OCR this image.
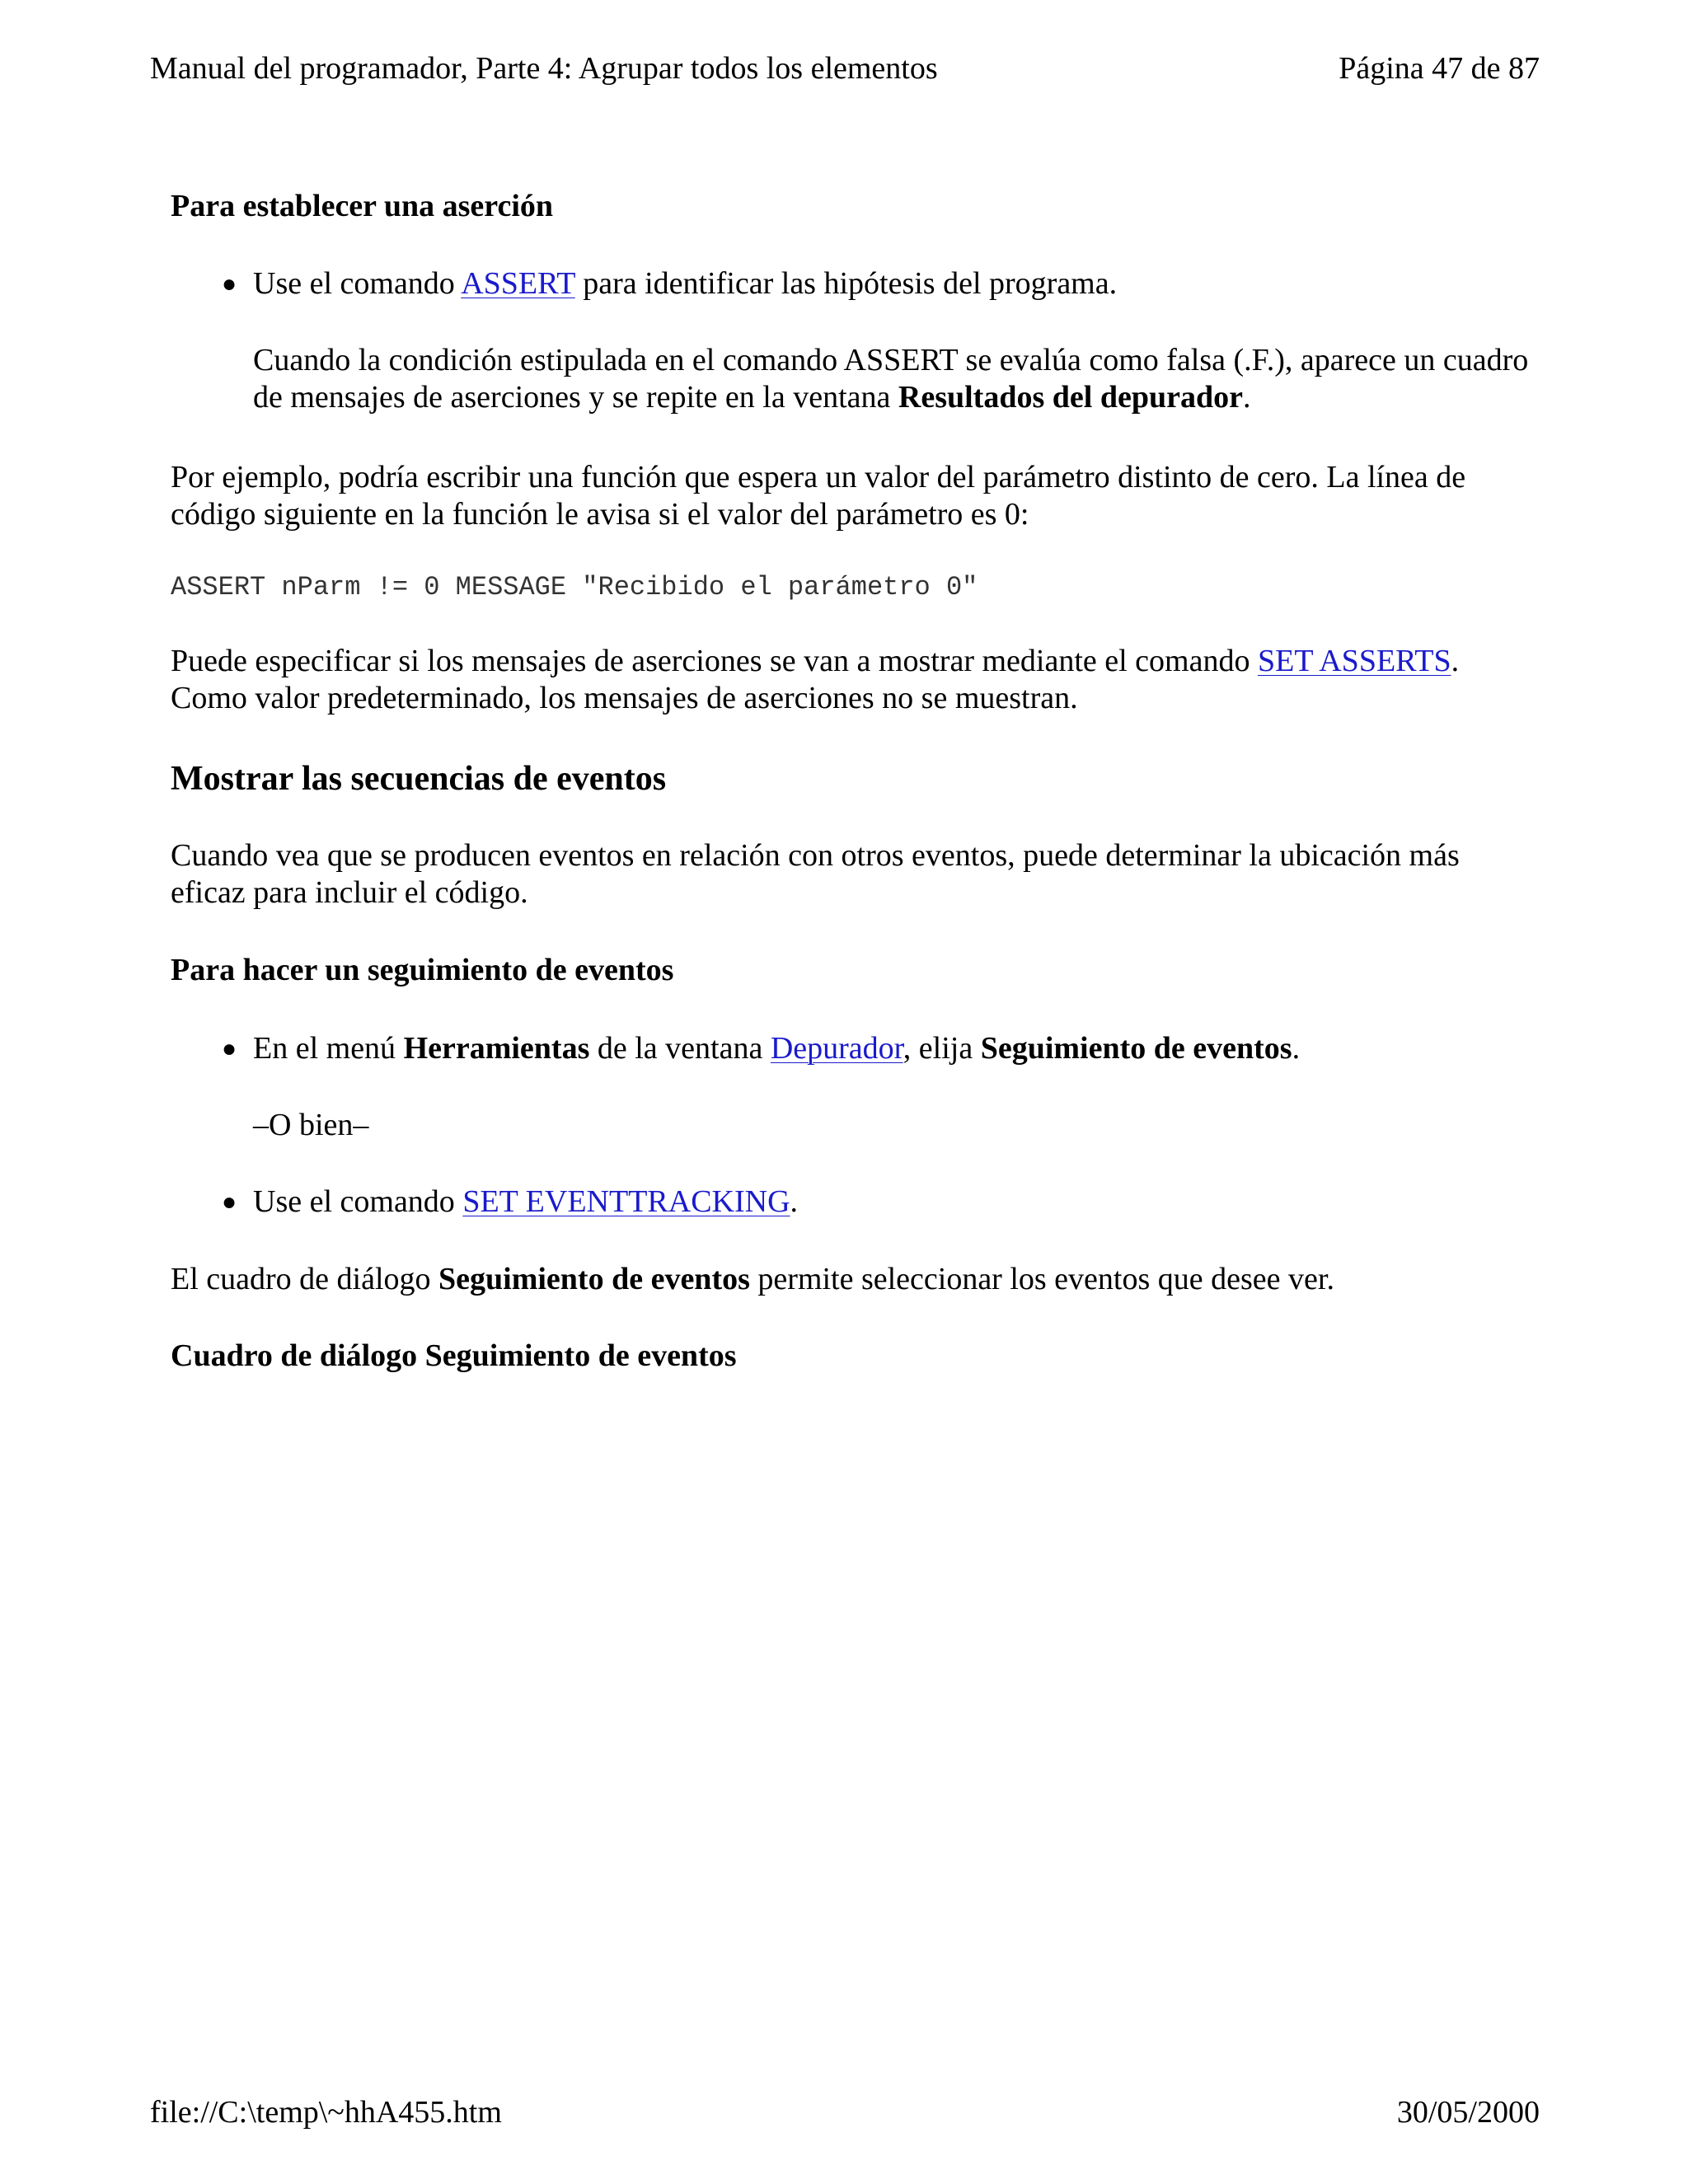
Manual del programador, Parte 4: Agrupar todos los elementos	Página 47 de 87

Para establecer una aserción

● Use el comando ASSERT para identificar las hipótesis del programa.

Cuando la condición estipulada en el comando ASSERT se evalúa como falsa (.F.), aparece un cuadro de mensajes de aserciones y se repite en la ventana Resultados del depurador.

Por ejemplo, podría escribir una función que espera un valor del parámetro distinto de cero. La línea de código siguiente en la función le avisa si el valor del parámetro es 0:

ASSERT nParm != 0 MESSAGE "Recibido el parámetro 0"

Puede especificar si los mensajes de aserciones se van a mostrar mediante el comando SET ASSERTS. Como valor predeterminado, los mensajes de aserciones no se muestran.

Mostrar las secuencias de eventos

Cuando vea que se producen eventos en relación con otros eventos, puede determinar la ubicación más eficaz para incluir el código.

Para hacer un seguimiento de eventos

● En el menú Herramientas de la ventana Depurador, elija Seguimiento de eventos.

–O bien–

● Use el comando SET EVENTTRACKING.

El cuadro de diálogo Seguimiento de eventos permite seleccionar los eventos que desee ver.

Cuadro de diálogo Seguimiento de eventos

file://C:\temp\~hhA455.htm	30/05/2000
